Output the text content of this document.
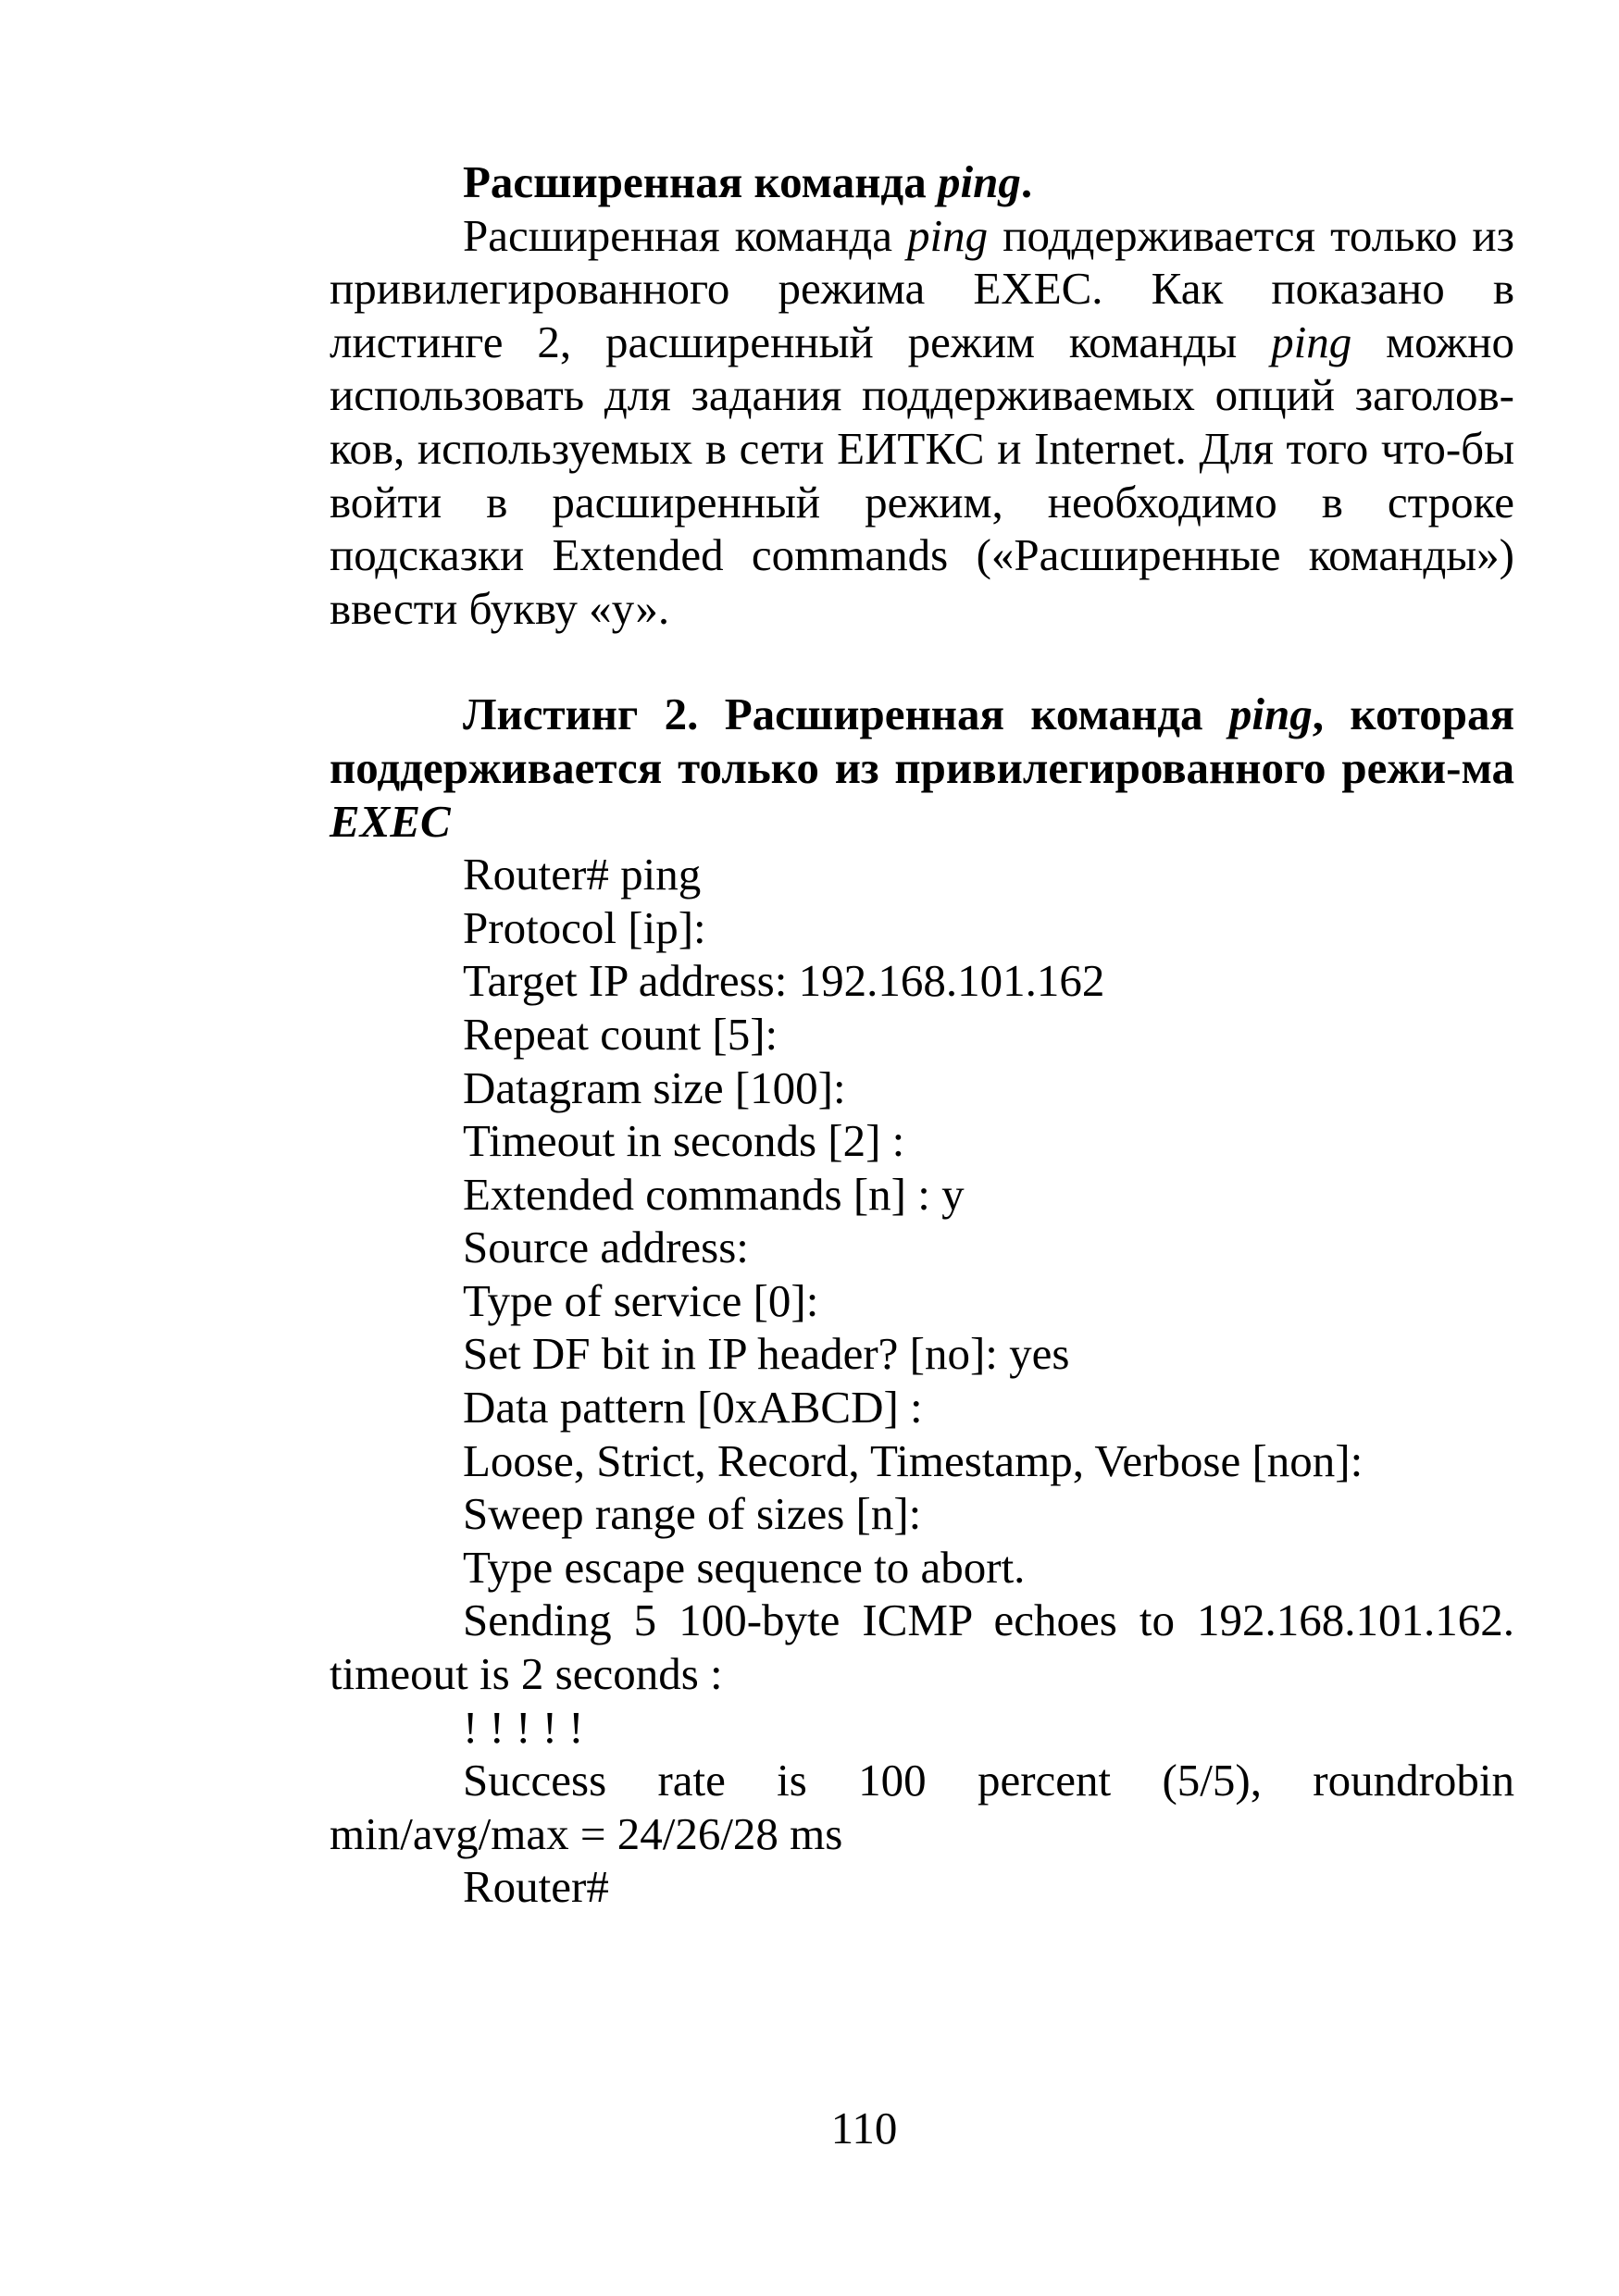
Расширенная команда ping.

Расширенная команда ping поддерживается только из привилегированного режима EXEC. Как показано в листинге 2, расширенный режим команды ping можно использовать для задания поддерживаемых опций заголов-ков, используемых в сети ЕИТКС и Internet. Для того что-бы войти в расширенный режим, необходимо в строке подсказки Extended commands («Расширенные команды») ввести букву «у».

Листинг 2. Расширенная команда ping, которая поддерживается только из привилегированного режи-ма EXEC

Router# ping

Protocol [ip]:

Target IP address: 192.168.101.162

Repeat count [5]:

Datagram size [100]:

Timeout in seconds [2] :

Extended commands [n] : y

Source address:

Type of service [0]:

Set DF bit in IP header? [no]: yes

Data pattern [0xABCD] :

Loose, Strict, Record, Timestamp, Verbose [non]:

Sweep range of sizes [n]:

Type escape sequence to abort.

Sending 5 100-byte ICMP echoes to 192.168.101.162.

timeout is 2 seconds :

! ! ! ! !

Success rate is 100 percent (5/5), roundrobin

min/avg/max = 24/26/28 ms

Router#

110
